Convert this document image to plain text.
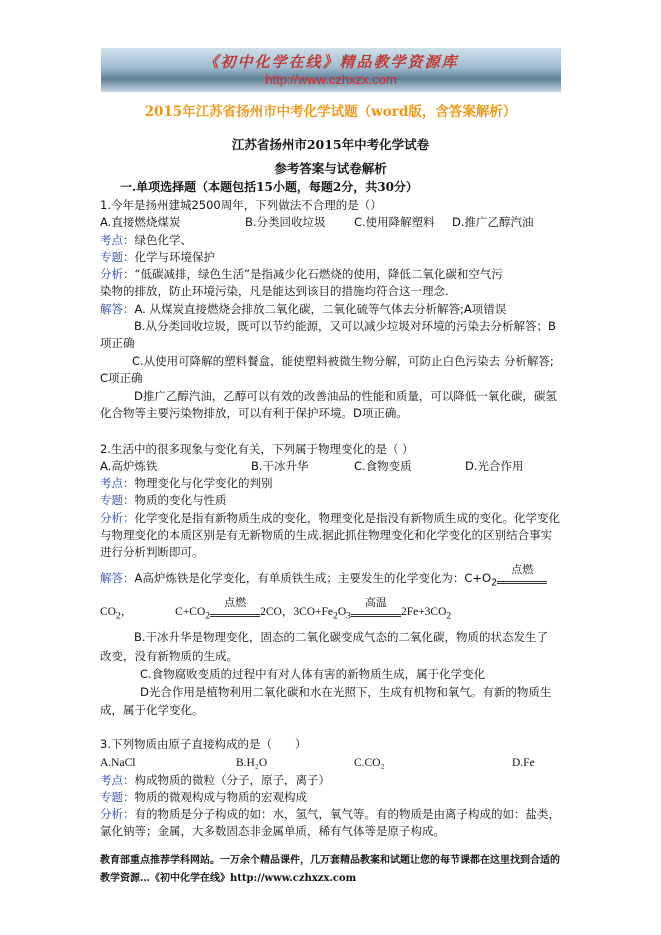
《初中化学在线》精品教学资源库
http://www.czhxzx.com
2015年江苏省扬州市中考化学试题（word版，含答案解析）
江苏省扬州市2015年中考化学试卷
参考答案与试卷解析
一.单项选择题（本题包括15小题，每题2分，共30分）
1.今年是扬州建城2500周年，下列做法不合理的是（）
A.直接燃烧煤炭	B.分类回收垃圾 C.使用降解塑料 D.推广乙醇汽油
考点：绿色化学、
专题：化学与环境保护
分析：“低碳减排，绿色生活”是指减少化石燃烧的使用，降低二氧化碳和空气污
染物的排放，防止环境污染，凡是能达到该目的措施均符合这一理念.
解答：A. 从煤炭直接燃烧会排放二氧化碳，二氧化硫等气体去分析解答;A项错误
B.从分类回收垃圾，既可以节约能源，又可以减少垃圾对环境的污染去分析解答；B
项正确
C.从使用可降解的塑料餐盒，能使塑料被微生物分解，可防止白色污染去 分析解答;
C项正确
D推广乙醇汽油，乙醇可以有效的改善油品的性能和质量，可以降低一氧化碳，碳氢
化合物等主要污染物排放，可以有利于保护环境。D项正确。
2.生活中的很多现象与变化有关，下列属于物理变化的是（ ）
A.高炉炼铁	B.干冰升华	C.食物变质	D.光合作用
考点：物理变化与化学变化的判别
专题：物质的变化与性质
分析：化学变化是指有新物质生成的变化，物理变化是指没有新物质生成的变化。化学变化
与物理变化的本质区别是有无新物质的生成.据此抓住物理变化和化学变化的区别结合事实
进行分析判断即可。
解答：A高炉炼铁是化学变化，有单质铁生成；主要发生的化学变化为：$C+O_2$
点燃
$CO_2$，	$C+CO_2$
点燃
2CO，$3CO+Fe_2O_3$
高温
$2Fe+3CO_2$
B.干冰升华是物理变化，固态的二氧化碳变成气态的二氧化碳，物质的状态发生了
改变，没有新物质的生成。
C.食物腐败变质的过程中有对人体有害的新物质生成，属于化学变化
D光合作用是植物利用二氧化碳和水在光照下，生成有机物和氧气。有新的物质生
成，属于化学变化。
3.下列物质由原子直接构成的是（　　）
A.NaCl	B.H₂O	C.CO₂	D.Fe
考点：构成物质的微粒（分子，原子，离子）
专题：物质的微观构成与物质的宏观构成
分析：有的物质是分子构成的如：水，氢气，氧气等。有的物质是由离子构成的如：盐类，
氯化钠等；金属，大多数固态非金属单质，稀有气体等是原子构成。
教育部重点推荐学科网站。一万余个精品课件，几万套精品教案和试题让您的每节课都在这里找到合适的
教学资源…《初中化学在线》http://www.czhxzx.com
